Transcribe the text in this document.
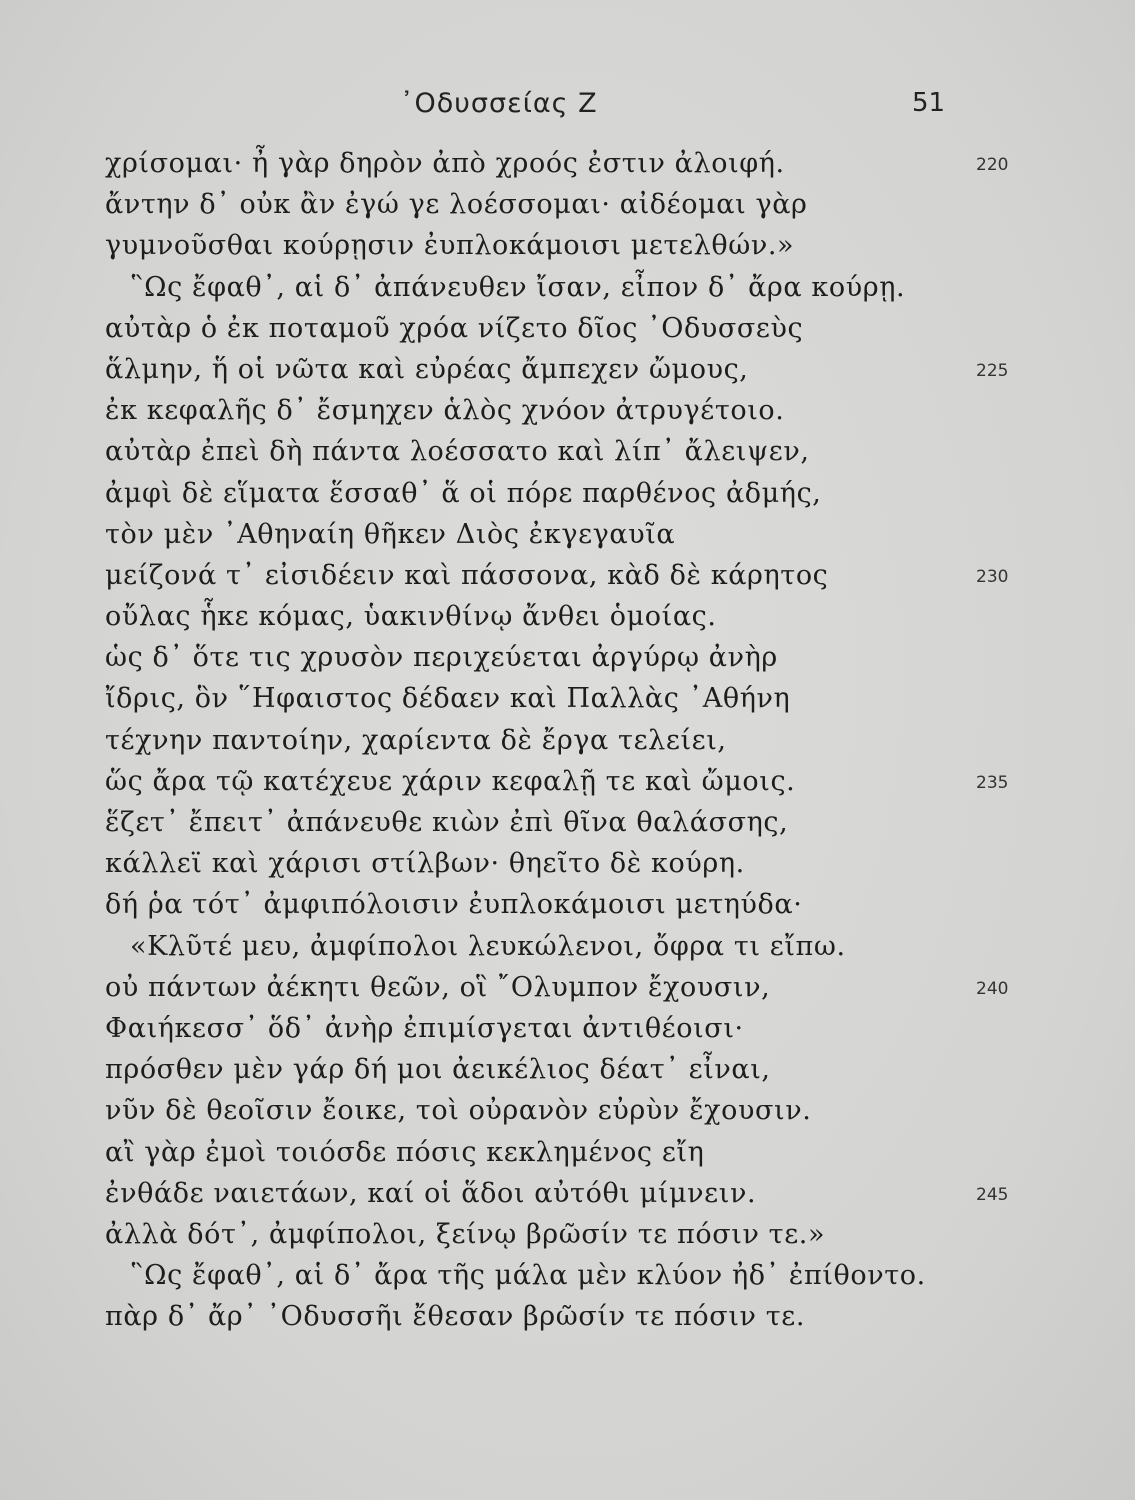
᾿Οδυσσείας Ζ	51
χρίσομαι· ἦ γὰρ δηρὸν ἀπὸ χροός ἐστιν ἀλοιφή.	220
ἄντην δ᾿ οὐκ ἂν ἐγώ γε λοέσσομαι· αἰδέομαι γὰρ
γυμνοῦσθαι κούρῃσιν ἐυπλοκάμοισι μετελθών.»
῝Ως ἔφαθ᾿, αἱ δ᾿ ἀπάνευθεν ἴσαν, εἶπον δ᾿ ἄρα κούρῃ.
αὐτὰρ ὁ ἐκ ποταμοῦ χρόα νίζετο δῖος ᾿Οδυσσεὺς
ἅλμην, ἥ οἱ νῶτα καὶ εὐρέας ἄμπεχεν ὤμους,	225
ἐκ κεφαλῆς δ᾿ ἔσμηχεν ἁλὸς χνόον ἀτρυγέτοιο.
αὐτὰρ ἐπεὶ δὴ πάντα λοέσσατο καὶ λίπ᾿ ἄλειψεν,
ἀμφὶ δὲ εἵματα ἕσσαθ᾿ ἅ οἱ πόρε παρθένος ἀδμής,
τὸν μὲν ᾿Αθηναίη θῆκεν Διὸς ἐκγεγαυῖα
μείζονά τ᾿ εἰσιδέειν καὶ πάσσονα, κὰδ δὲ κάρητος	230
οὔλας ἧκε κόμας, ὑακινθίνῳ ἄνθει ὁμοίας.
ὡς δ᾿ ὅτε τις χρυσὸν περιχεύεται ἀργύρῳ ἀνὴρ
ἴδρις, ὃν ῞Ηφαιστος δέδαεν καὶ Παλλὰς ᾿Αθήνη
τέχνην παντοίην, χαρίεντα δὲ ἔργα τελείει,
ὥς ἄρα τῷ κατέχευε χάριν κεφαλῇ τε καὶ ὤμοις.	235
ἕζετ᾿ ἔπειτ᾿ ἀπάνευθε κιὼν ἐπὶ θῖνα θαλάσσης,
κάλλεϊ καὶ χάρισι στίλβων· θηεῖτο δὲ κούρη.
δή ῥα τότ᾿ ἀμφιπόλοισιν ἐυπλοκάμοισι μετηύδα·
«Κλῦτέ μευ, ἀμφίπολοι λευκώλενοι, ὄφρα τι εἴπω.
οὐ πάντων ἀέκητι θεῶν, οἳ ῎Ολυμπον ἔχουσιν,	240
Φαιήκεσσ᾿ ὅδ᾿ ἀνὴρ ἐπιμίσγεται ἀντιθέοισι·
πρόσθεν μὲν γάρ δή μοι ἀεικέλιος δέατ᾿ εἶναι,
νῦν δὲ θεοῖσιν ἔοικε, τοὶ οὐρανὸν εὐρὺν ἔχουσιν.
αἲ γὰρ ἐμοὶ τοιόσδε πόσις κεκλημένος εἴη
ἐνθάδε ναιετάων, καί οἱ ἅδοι αὐτόθι μίμνειν.	245
ἀλλὰ δότ᾿, ἀμφίπολοι, ξείνῳ βρῶσίν τε πόσιν τε.»
῝Ως ἔφαθ᾿, αἱ δ᾿ ἄρα τῆς μάλα μὲν κλύον ἠδ᾿ ἐπίθοντο.
πὰρ δ᾿ ἄρ᾿ ᾿Οδυσσῆι ἔθεσαν βρῶσίν τε πόσιν τε.
